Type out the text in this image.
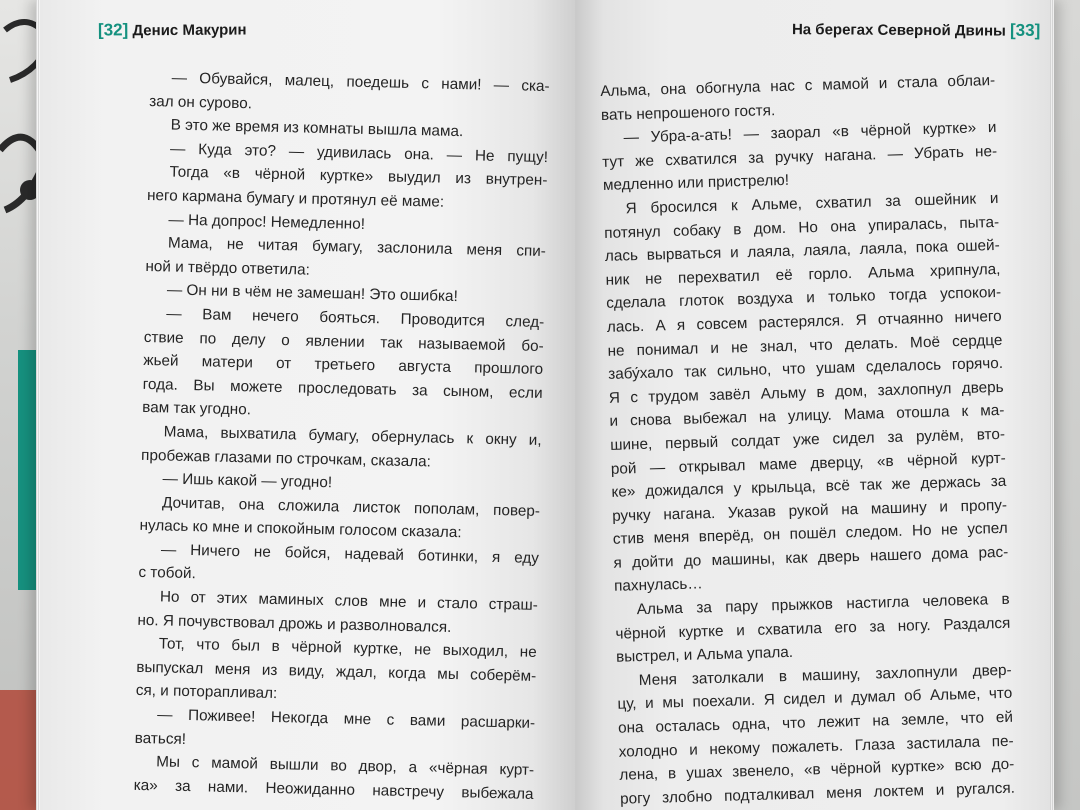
[32] Денис Макурин	На берегах Северной Двины [33]
— Обувайся, малец, поедешь с нами! — ска-
зал он сурово.
В это же время из комнаты вышла мама.
— Куда это? — удивилась она. — Не пущу!
Тогда «в чёрной куртке» выудил из внутрен-
него кармана бумагу и протянул её маме:
— На допрос! Немедленно!
Мама, не читая бумагу, заслонила меня спи-
ной и твёрдо ответила:
— Он ни в чём не замешан! Это ошибка!
— Вам нечего бояться. Проводится след-
ствие по делу о явлении так называемой бо-
жьей матери от третьего августа прошлого
года. Вы можете проследовать за сыном, если
вам так угодно.
Мама, выхватила бумагу, обернулась к окну и,
пробежав глазами по строчкам, сказала:
— Ишь какой — угодно!
Дочитав, она сложила листок пополам, повер-
нулась ко мне и спокойным голосом сказала:
— Ничего не бойся, надевай ботинки, я еду
с тобой.
Но от этих маминых слов мне и стало страш-
но. Я почувствовал дрожь и разволновался.
Тот, что был в чёрной куртке, не выходил, не
выпускал меня из виду, ждал, когда мы соберём-
ся, и поторапливал:
— Поживее! Некогда мне с вами расшарки-
ваться!
Мы с мамой вышли во двор, а «чёрная курт-
ка» за нами. Неожиданно навстречу выбежала
Альма, она обогнула нас с мамой и стала облаи-
вать непрошеного гостя.
— Убра-а-ать! — заорал «в чёрной куртке» и
тут же схватился за ручку нагана. — Убрать не-
медленно или пристрелю!
Я бросился к Альме, схватил за ошейник и
потянул собаку в дом. Но она упиралась, пыта-
лась вырваться и лаяла, лаяла, лаяла, пока ошей-
ник не перехватил её горло. Альма хрипнула,
сделала глоток воздуха и только тогда успокои-
лась. А я совсем растерялся. Я отчаянно ничего
не понимал и не знал, что делать. Моё сердце
забу́хало так сильно, что ушам сделалось горячо.
Я с трудом завёл Альму в дом, захлопнул дверь
и снова выбежал на улицу. Мама отошла к ма-
шине, первый солдат уже сидел за рулём, вто-
рой — открывал маме дверцу, «в чёрной курт-
ке» дожидался у крыльца, всё так же держась за
ручку нагана. Указав рукой на машину и пропу-
стив меня вперёд, он пошёл следом. Но не успел
я дойти до машины, как дверь нашего дома рас-
пахнулась…
Альма за пару прыжков настигла человека в
чёрной куртке и схватила его за ногу. Раздался
выстрел, и Альма упала.
Меня затолкали в машину, захлопнули двер-
цу, и мы поехали. Я сидел и думал об Альме, что
она осталась одна, что лежит на земле, что ей
холодно и некому пожалеть. Глаза застилала пе-
лена, в ушах звенело, «в чёрной куртке» всю до-
рогу злобно подталкивал меня локтем и ругался.
